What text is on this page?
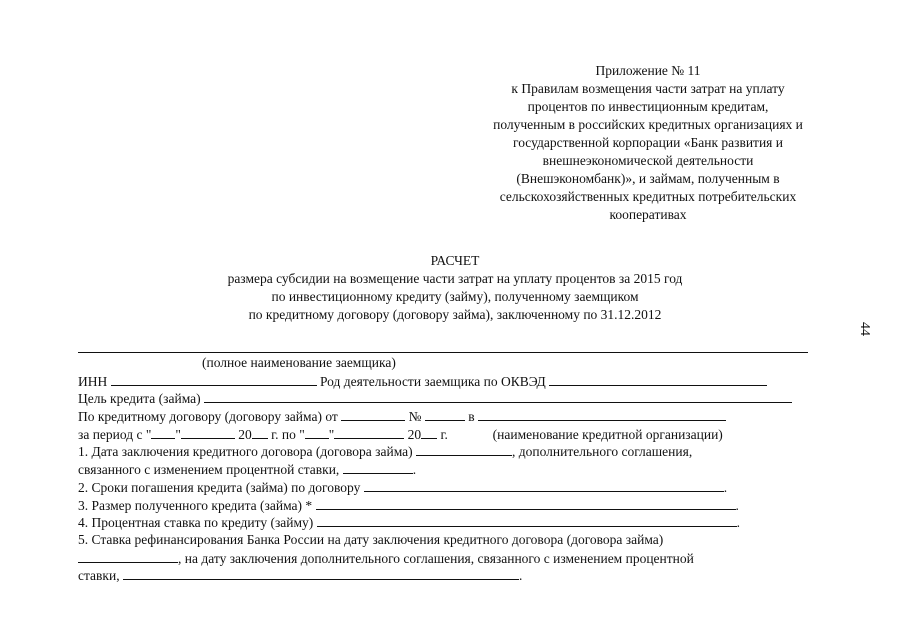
Приложение № 11
к Правилам возмещения части затрат на уплату
процентов по инвестиционным кредитам,
полученным в российских кредитных организациях и
государственной корпорации «Банк развития и
внешнеэкономической деятельности
(Внешэкономбанк)», и займам, полученным в
сельскохозяйственных кредитных потребительских
кооперативах
РАСЧЕТ
размера субсидии на возмещение части затрат на уплату процентов за 2015 год
по инвестиционному кредиту (займу), полученному заемщиком
по кредитному договору (договору займа), заключенному по 31.12.2012
44
(полное наименование заемщика)
ИНН	Род деятельности заемщика по ОКВЭД
Цель кредита (займа)
По кредитному договору (договору займа) от	№	в
за период с " "	20 г. по " "	20 г.	(наименование кредитной организации)
1. Дата заключения кредитного договора (договора займа)	, дополнительного соглашения,
связанного с изменением процентной ставки,	.
2. Сроки погашения кредита (займа) по договору	.
3. Размер полученного кредита (займа) *	.
4. Процентная ставка по кредиту (займу)	.
5. Ставка рефинансирования Банка России на дату заключения кредитного договора (договора займа)
, на дату заключения дополнительного соглашения, связанного с изменением процентной
ставки,	.
